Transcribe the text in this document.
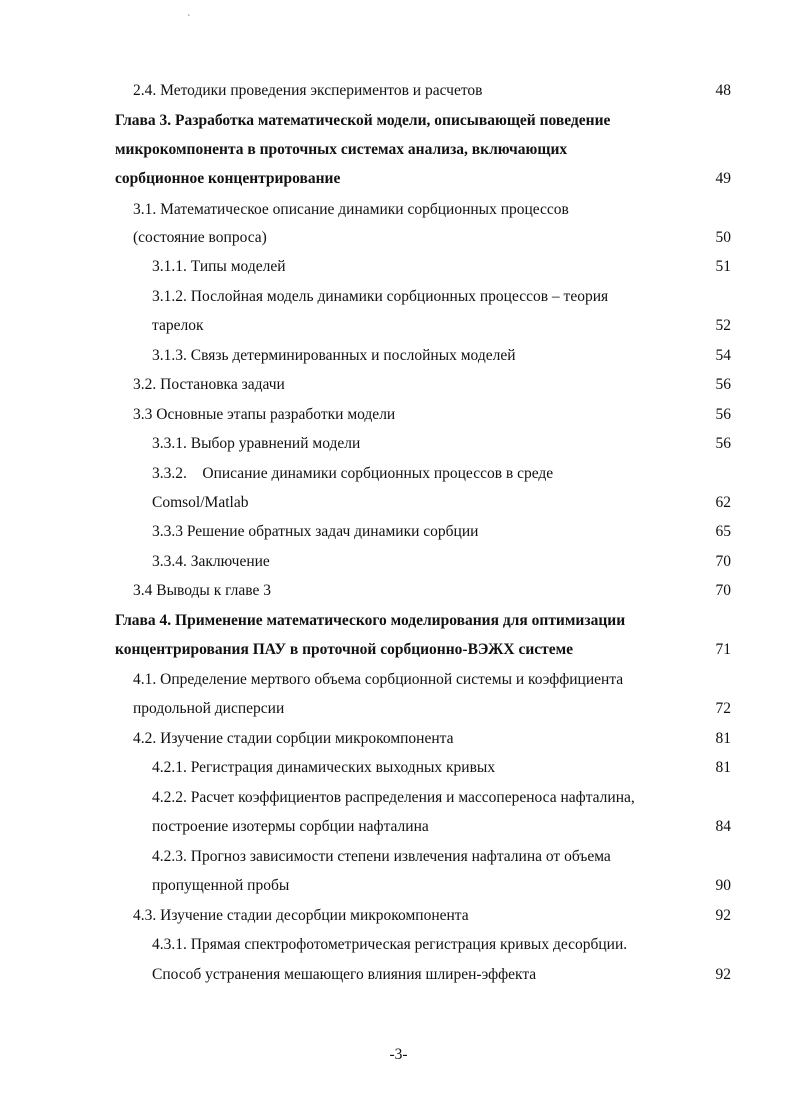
`
2.4. Методики проведения экспериментов и расчетов	48
Глава 3. Разработка математической модели, описывающей поведение
микрокомпонента в проточных системах анализа, включающих
сорбционное концентрирование	49
3.1. Математическое описание динамики сорбционных процессов
(состояние вопроса)	50
3.1.1. Типы моделей	51
3.1.2. Послойная модель динамики сорбционных процессов – теория
тарелок	52
3.1.3. Связь детерминированных и послойных моделей	54
3.2. Постановка задачи	56
3.3 Основные этапы разработки модели	56
3.3.1. Выбор уравнений модели	56
3.3.2.    Описание динамики сорбционных процессов в среде
Comsol/Matlab	62
3.3.3 Решение обратных задач динамики сорбции	65
3.3.4. Заключение	70
3.4 Выводы к главе 3	70
Глава 4. Применение математического моделирования для оптимизации
концентрирования ПАУ в проточной сорбционно-ВЭЖХ системе	71
4.1. Определение мертвого объема сорбционной системы и коэффициента
продольной дисперсии	72
4.2. Изучение стадии сорбции микрокомпонента	81
4.2.1. Регистрация динамических выходных кривых	81
4.2.2. Расчет коэффициентов распределения и массопереноса нафталина,
построение изотермы сорбции нафталина	84
4.2.3. Прогноз зависимости степени извлечения нафталина от объема
пропущенной пробы	90
4.3. Изучение стадии десорбции микрокомпонента	92
4.3.1. Прямая спектрофотометрическая регистрация кривых десорбции.
Способ устранения мешающего влияния шлирен-эффекта	92
-3-
